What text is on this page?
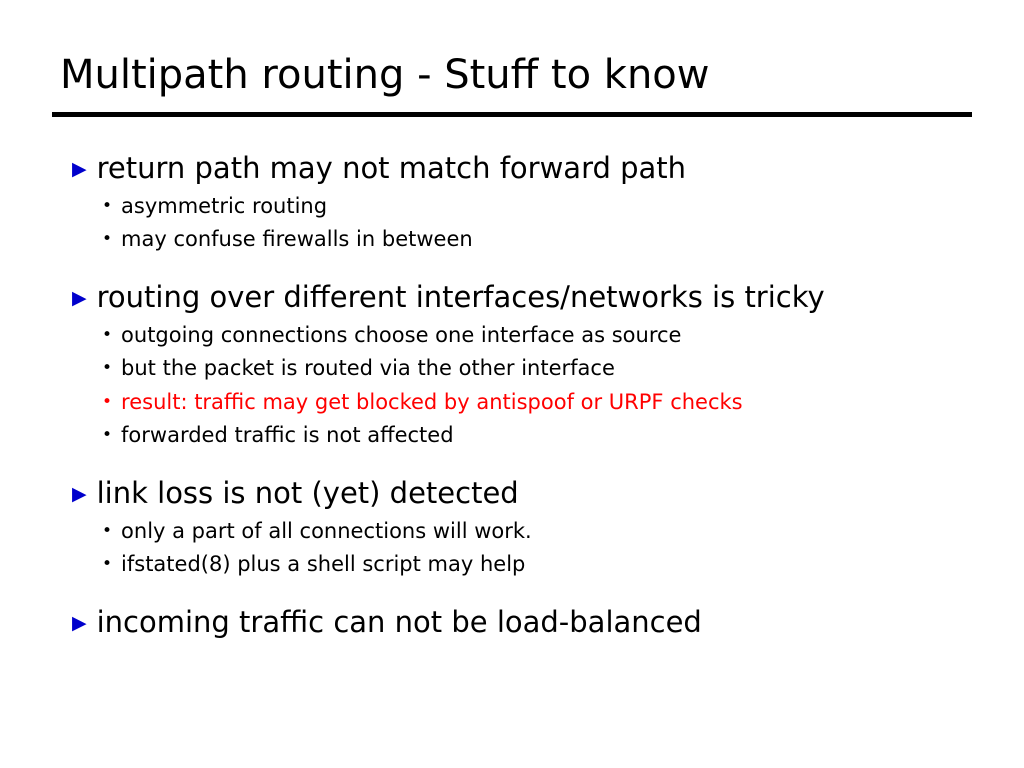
Multipath routing - Stuff to know
▶ return path may not match forward path
• asymmetric routing
• may confuse firewalls in between
▶ routing over different interfaces/networks is tricky
• outgoing connections choose one interface as source
• but the packet is routed via the other interface
• result: traffic may get blocked by antispoof or URPF checks
• forwarded traffic is not affected
▶ link loss is not (yet) detected
• only a part of all connections will work.
• ifstated(8) plus a shell script may help
▶ incoming traffic can not be load-balanced
